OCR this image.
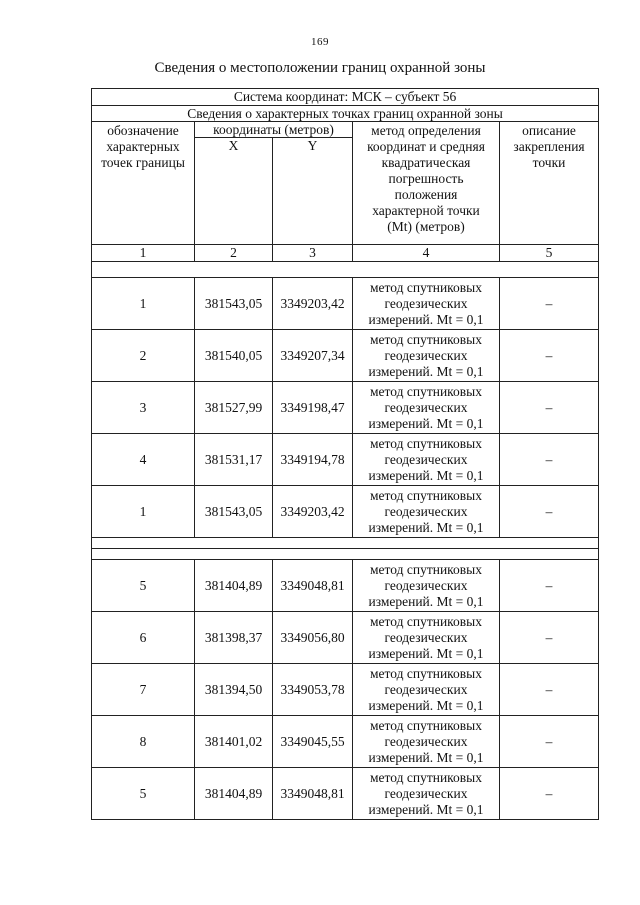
169
Сведения о местоположении границ охранной зоны
Система координат: МСК – субъект 56				
Сведения о характерных точках границ охранной зоны				
обозначение характерных точек границы	координаты (метров)		метод определения координат и средняя квадратическая погрешность положения характерной точки (Mt) (метров)	описание закрепления точки
	X	Y		
1	2	3	4	5

1	381543,05	3349203,42	метод спутниковых геодезических измерений. Mt = 0,1	–
2	381540,05	3349207,34	метод спутниковых геодезических измерений. Mt = 0,1	–
3	381527,99	3349198,47	метод спутниковых геодезических измерений. Mt = 0,1	–
4	381531,17	3349194,78	метод спутниковых геодезических измерений. Mt = 0,1	–
1	381543,05	3349203,42	метод спутниковых геодезических измерений. Mt = 0,1	–

5	381404,89	3349048,81	метод спутниковых геодезических измерений. Mt = 0,1	–
6	381398,37	3349056,80	метод спутниковых геодезических измерений. Mt = 0,1	–
7	381394,50	3349053,78	метод спутниковых геодезических измерений. Mt = 0,1	–
8	381401,02	3349045,55	метод спутниковых геодезических измерений. Mt = 0,1	–
5	381404,89	3349048,81	метод спутниковых геодезических измерений. Mt = 0,1	–
